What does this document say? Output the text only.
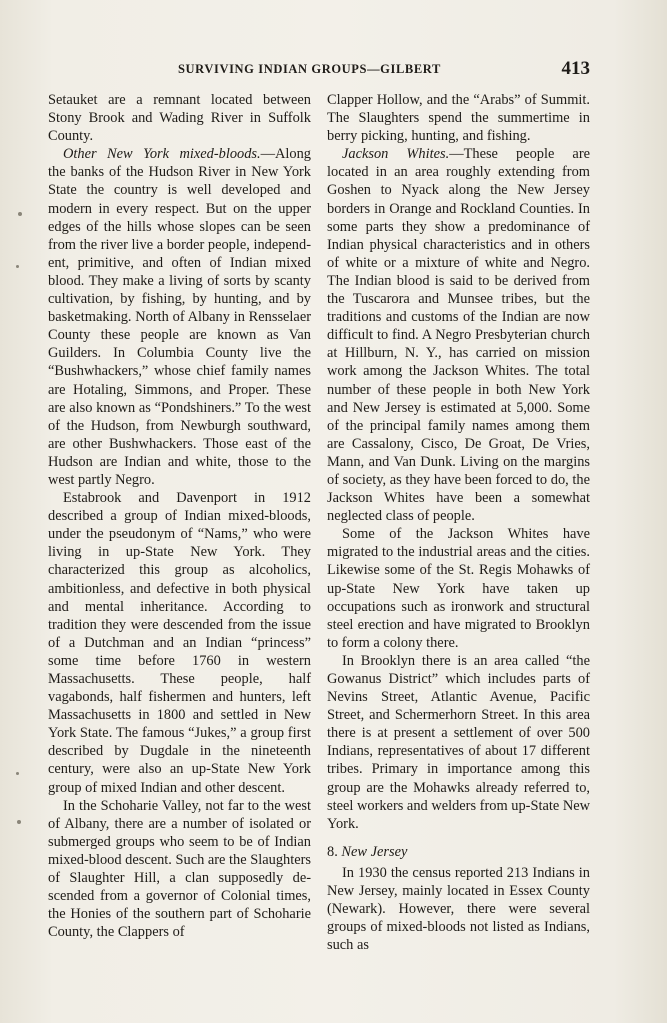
SURVIVING INDIAN GROUPS—GILBERT	413

Setauket are a remnant located between Stony Brook and Wading River in Suffolk County.

Other New York mixed-bloods.—Along the banks of the Hudson River in New York State the country is well developed and modern in every respect. But on the upper edges of the hills whose slopes can be seen from the river live a border people, independent, primitive, and often of Indian mixed blood. They make a living of sorts by scanty cultivation, by fishing, by hunting, and by basketmaking. North of Albany in Rensselaer County these people are known as Van Guilders. In Columbia County live the “Bushwhackers,” whose chief family names are Hotaling, Simmons, and Proper. These are also known as “Pondshiners.” To the west of the Hudson, from Newburgh southward, are other Bushwhackers. Those east of the Hudson are Indian and white, those to the west partly Negro.

Estabrook and Davenport in 1912 described a group of Indian mixed-bloods, under the pseudonym of “Nams,” who were living in up-State New York. They characterized this group as alcoholics, ambitionless, and defective in both physical and mental inheritance. According to tradition they were descended from the issue of a Dutchman and an Indian “princess” some time before 1760 in western Massachusetts. These people, half vagabonds, half fishermen and hunters, left Massachusetts in 1800 and settled in New York State. The famous “Jukes,” a group first described by Dugdale in the nineteenth century, were also an up-State New York group of mixed Indian and other descent.

In the Schoharie Valley, not far to the west of Albany, there are a number of isolated or submerged groups who seem to be of Indian mixed-blood descent. Such are the Slaughters of Slaughter Hill, a clan supposedly descended from a governor of Colonial times, the Honies of the southern part of Schoharie County, the Clappers of

Clapper Hollow, and the “Arabs” of Summit. The Slaughters spend the summertime in berry picking, hunting, and fishing.

Jackson Whites.—These people are located in an area roughly extending from Goshen to Nyack along the New Jersey borders in Orange and Rockland Counties. In some parts they show a predominance of Indian physical characteristics and in others of white or a mixture of white and Negro. The Indian blood is said to be derived from the Tuscarora and Munsee tribes, but the traditions and customs of the Indian are now difficult to find. A Negro Presbyterian church at Hillburn, N. Y., has carried on mission work among the Jackson Whites. The total number of these people in both New York and New Jersey is estimated at 5,000. Some of the principal family names among them are Cassalony, Cisco, De Groat, De Vries, Mann, and Van Dunk. Living on the margins of society, as they have been forced to do, the Jackson Whites have been a somewhat neglected class of people.

Some of the Jackson Whites have migrated to the industrial areas and the cities. Likewise some of the St. Regis Mohawks of up-State New York have taken up occupations such as ironwork and structural steel erection and have migrated to Brooklyn to form a colony there.

In Brooklyn there is an area called “the Gowanus District” which includes parts of Nevins Street, Atlantic Avenue, Pacific Street, and Schermerhorn Street. In this area there is at present a settlement of over 500 Indians, representatives of about 17 different tribes. Primary in importance among this group are the Mohawks already referred to, steel workers and welders from up-State New York.

8. New Jersey

In 1930 the census reported 213 Indians in New Jersey, mainly located in Essex County (Newark). However, there were several groups of mixed-bloods not listed as Indians, such as
